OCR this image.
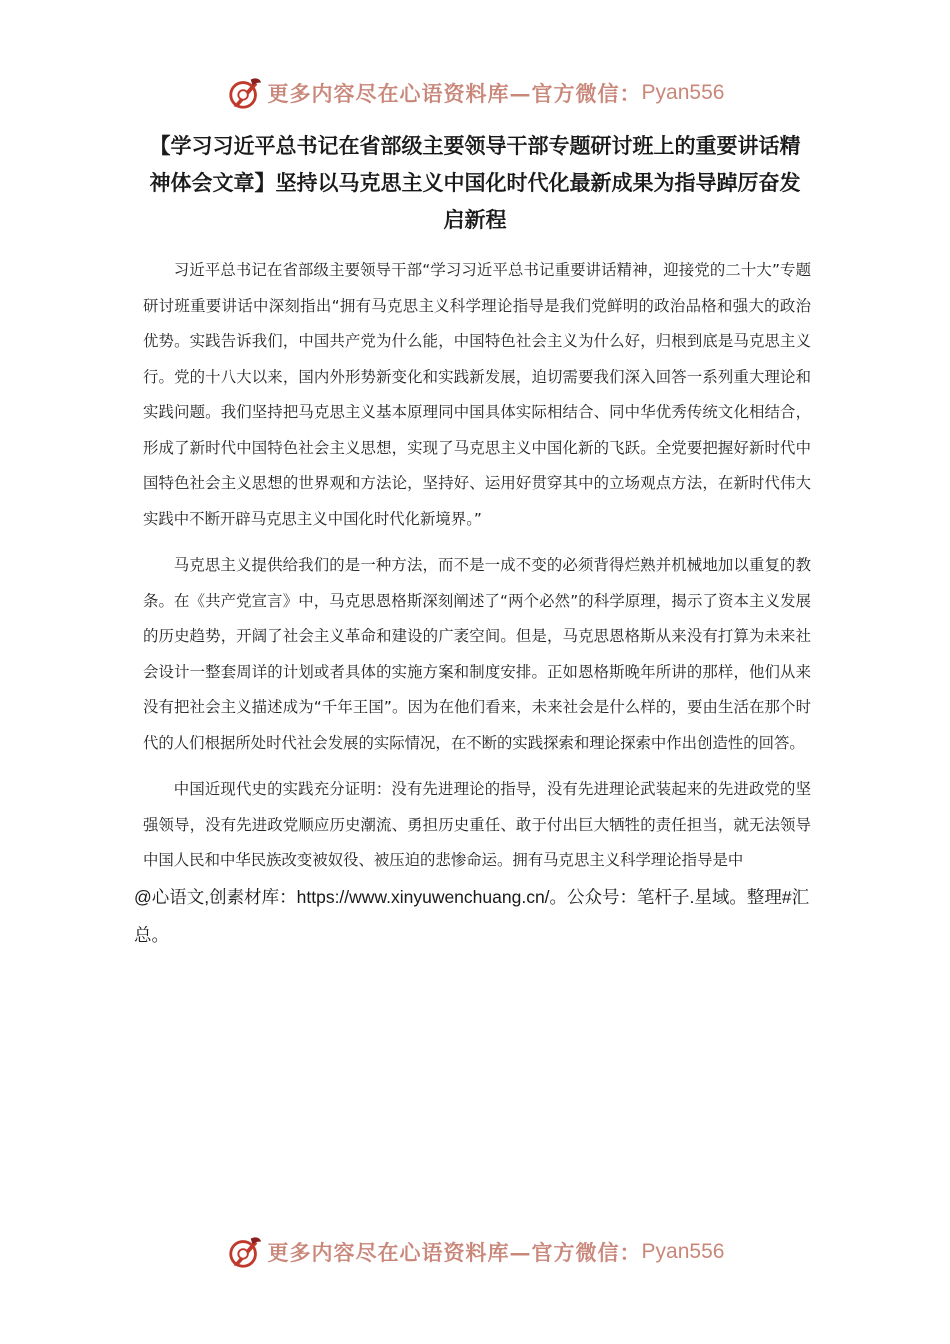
更多内容尽在心语资料库—官方微信： Pyan556
【学习习近平总书记在省部级主要领导干部专题研讨班上的重要讲话精神体会文章】坚持以马克思主义中国化时代化最新成果为指导踔厉奋发启新程

习近平总书记在省部级主要领导干部“学习习近平总书记重要讲话精神，迎接党的二十大”专题研讨班重要讲话中深刻指出“拥有马克思主义科学理论指导是我们党鲜明的政治品格和强大的政治优势。实践告诉我们，中国共产党为什么能，中国特色社会主义为什么好，归根到底是马克思主义行。党的十八大以来，国内外形势新变化和实践新发展，迫切需要我们深入回答一系列重大理论和实践问题。我们坚持把马克思主义基本原理同中国具体实际相结合、同中华优秀传统文化相结合，形成了新时代中国特色社会主义思想，实现了马克思主义中国化新的飞跃。全党要把握好新时代中国特色社会主义思想的世界观和方法论，坚持好、运用好贯穿其中的立场观点方法，在新时代伟大实践中不断开辟马克思主义中国化时代化新境界。”

马克思主义提供给我们的是一种方法，而不是一成不变的必须背得烂熟并机械地加以重复的教条。在《共产党宣言》中，马克思恩格斯深刻阐述了“两个必然”的科学原理，揭示了资本主义发展的历史趋势，开阔了社会主义革命和建设的广袤空间。但是，马克思恩格斯从来没有打算为未来社会设计一整套周详的计划或者具体的实施方案和制度安排。正如恩格斯晚年所讲的那样，他们从来没有把社会主义描述成为“千年王国”。因为在他们看来，未来社会是什么样的，要由生活在那个时代的人们根据所处时代社会发展的实际情况，在不断的实践探索和理论探索中作出创造性的回答。

中国近现代史的实践充分证明：没有先进理论的指导，没有先进理论武装起来的先进政党的坚强领导，没有先进政党顺应历史潮流、勇担历史重任、敢于付出巨大牺牲的责任担当，就无法领导中国人民和中华民族改变被奴役、被压迫的悲惨命运。拥有马克思主义科学理论指导是中

@心语文,创素材库：https://www.xinyuwenchuang.cn/。公众号：笔杆子.星域。整理#汇总。
更多内容尽在心语资料库—官方微信： Pyan556
